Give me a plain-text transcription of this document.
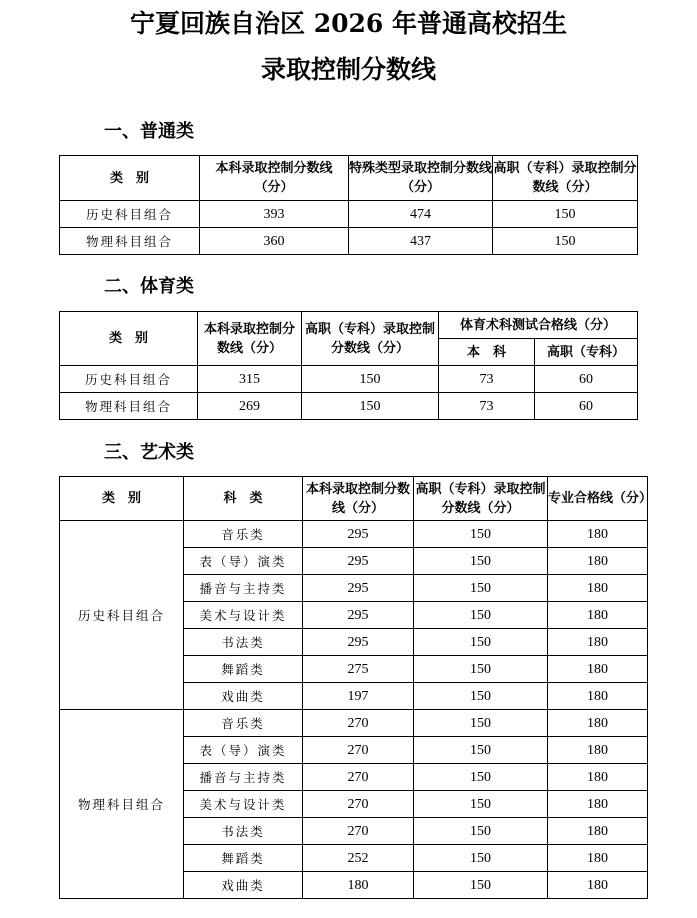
宁夏回族自治区 2026 年普通高校招生
录取控制分数线
一、普通类
类　别	本科录取控制分数线（分）	特殊类型录取控制分数线（分）	高职（专科）录取控制分数线（分）
历史科目组合	393	474	150
物理科目组合	360	437	150
二、体育类
类　别	本科录取控制分数线（分）	高职（专科）录取控制分数线（分）	体育术科测试合格线（分）	
			本　科	高职（专科）
历史科目组合	315	150	73	60
物理科目组合	269	150	73	60
三、艺术类
类　别	科　类	本科录取控制分数线（分）	高职（专科）录取控制分数线（分）	专业合格线（分）
历史科目组合	音乐类	295	150	180
	表（导）演类	295	150	180
	播音与主持类	295	150	180
	美术与设计类	295	150	180
	书法类	295	150	180
	舞蹈类	275	150	180
	戏曲类	197	150	180
物理科目组合	音乐类	270	150	180
	表（导）演类	270	150	180
	播音与主持类	270	150	180
	美术与设计类	270	150	180
	书法类	270	150	180
	舞蹈类	252	150	180
	戏曲类	180	150	180
